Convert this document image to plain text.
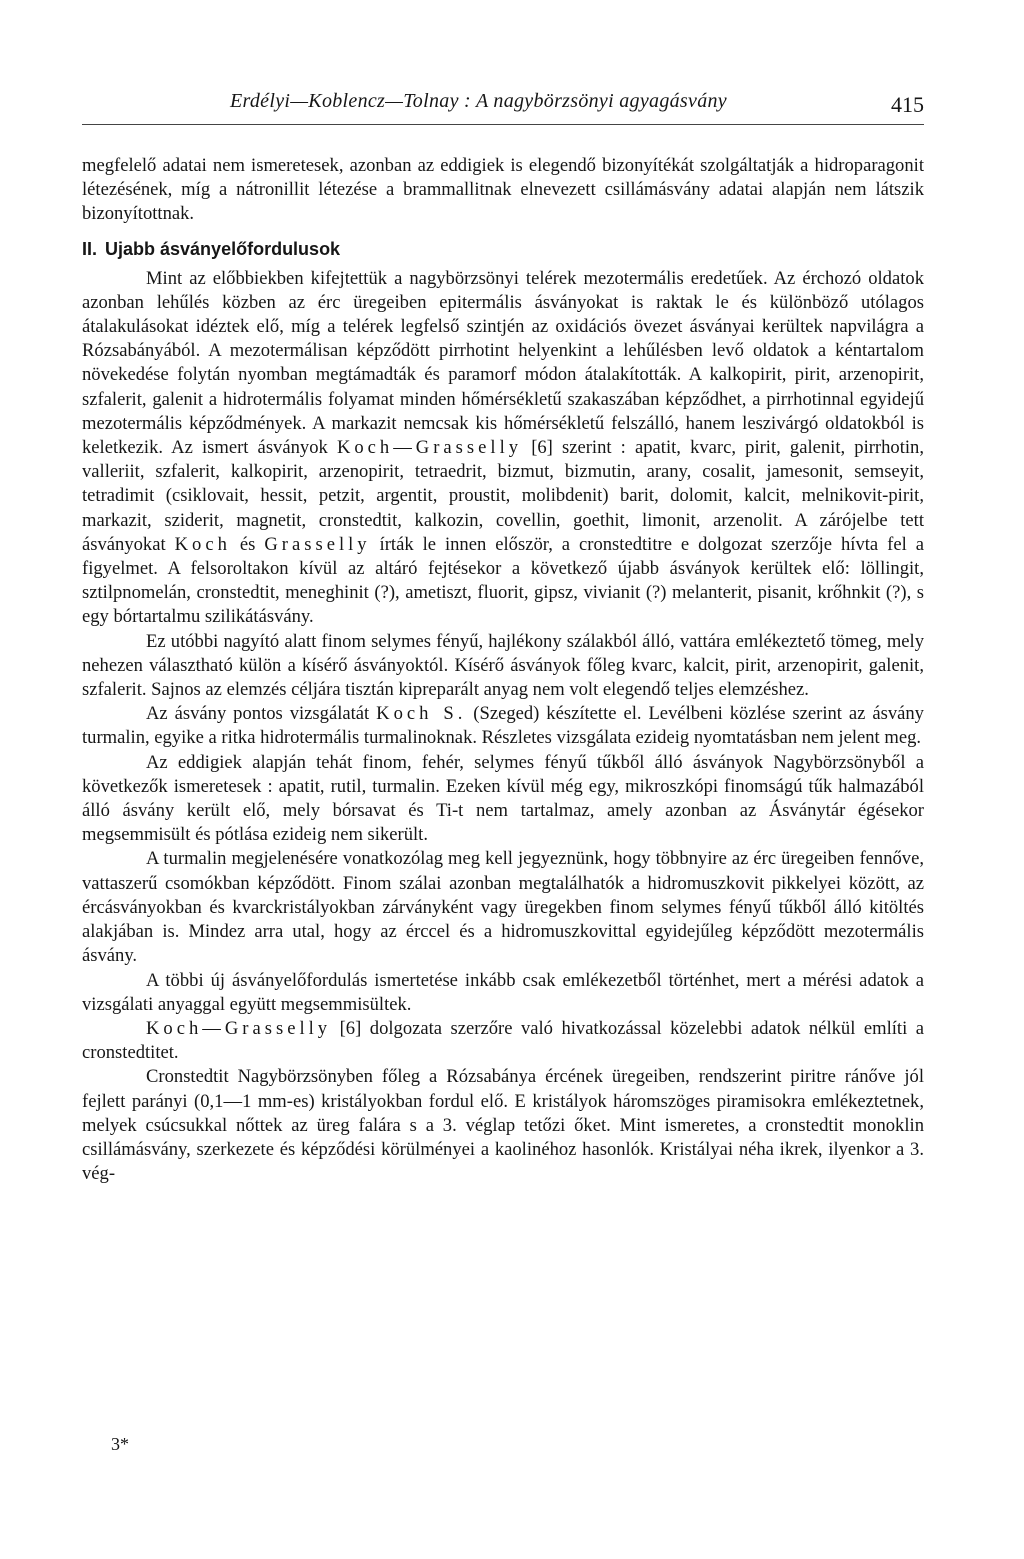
Erdélyi—Koblencz—Tolnay : A nagybörzsönyi agyagásvány	415

megfelelő adatai nem ismeretesek, azonban az eddigiek is elegendő bizonyítékát szolgáltatják a hidroparagonit létezésének, míg a nátronillit létezése a brammallitnak elnevezett csillámásvány adatai alapján nem látszik bizonyítottnak.

II. Ujabb ásványelőfordulusok

Mint az előbbiekben kifejtettük a nagybörzsönyi telérek mezotermális eredetűek. Az érchozó oldatok azonban lehűlés közben az érc üregeiben epitermális ásványokat is raktak le és különböző utólagos átalakulásokat idéztek elő, míg a telérek legfelső szintjén az oxidációs övezet ásványai kerültek napvilágra a Rózsabányából. A mezotermálisan képződött pirrhotint helyenkint a lehűlésben levő oldatok a kéntartalom növekedése folytán nyomban megtámadták és paramorf módon átalakították. A kalkopirit, pirit, arzenopirit, szfalerit, galenit a hidrotermális folyamat minden hőmérsékletű szakaszában képződhet, a pirrhotinnal egyidejű mezotermális képződmények. A markazit nemcsak kis hőmérsékletű felszálló, hanem leszivárgó oldatokból is keletkezik. Az ismert ásványok Koch—Grasselly [6] szerint : apatit, kvarc, pirit, galenit, pirrhotin, valleriit, szfalerit, kalkopirit, arzenopirit, tetraedrit, bizmut, bizmutin, arany, cosalit, jamesonit, semseyit, tetradimit (csiklovait, hessit, petzit, argentit, proustit, molibdenit) barit, dolomit, kalcit, melnikovit-pirit, markazit, sziderit, magnetit, cronstedtit, kalkozin, covellin, goethit, limonit, arzenolit. A zárójelbe tett ásványokat Koch és Grasselly írták le innen először, a cronstedtitre e dolgozat szerzője hívta fel a figyelmet. A felsoroltakon kívül az altáró fejtésekor a következő újabb ásványok kerültek elő: löllingit, sztilpnomelán, cronstedtit, meneghinit (?), ametiszt, fluorit, gipsz, vivianit (?) melanterit, pisanit, krőhnkit (?), s egy bórtartalmu szilikátásvány.

Ez utóbbi nagyító alatt finom selymes fényű, hajlékony szálakból álló, vattára emlékeztető tömeg, mely nehezen választható külön a kísérő ásványoktól. Kísérő ásványok főleg kvarc, kalcit, pirit, arzenopirit, galenit, szfalerit. Sajnos az elemzés céljára tisztán kipreparált anyag nem volt elegendő teljes elemzéshez.

Az ásvány pontos vizsgálatát Koch S. (Szeged) készítette el. Levélbeni közlése szerint az ásvány turmalin, egyike a ritka hidrotermális turmalinoknak. Részletes vizsgálata ezideig nyomtatásban nem jelent meg.

Az eddigiek alapján tehát finom, fehér, selymes fényű tűkből álló ásványok Nagybörzsönyből a következők ismeretesek : apatit, rutil, turmalin. Ezeken kívül még egy, mikroszkópi finomságú tűk halmazából álló ásvány került elő, mely bórsavat és Ti-t nem tartalmaz, amely azonban az Ásványtár égésekor megsemmisült és pótlása ezideig nem sikerült.

A turmalin megjelenésére vonatkozólag meg kell jegyeznünk, hogy többnyire az érc üregeiben fennőve, vattaszerű csomókban képződött. Finom szálai azonban megtalálhatók a hidromuszkovit pikkelyei között, az ércásványokban és kvarckristályokban zárványként vagy üregekben finom selymes fényű tűkből álló kitöltés alakjában is. Mindez arra utal, hogy az érccel és a hidromuszkovittal egyidejűleg képződött mezotermális ásvány.

A többi új ásványelőfordulás ismertetése inkább csak emlékezetből történhet, mert a mérési adatok a vizsgálati anyaggal együtt megsemmisültek.

Koch—Grasselly [6] dolgozata szerzőre való hivatkozással közelebbi adatok nélkül említi a cronstedtitet.

Cronstedtit Nagybörzsönyben főleg a Rózsabánya ércének üregeiben, rendszerint piritre ránőve jól fejlett parányi (0,1—1 mm-es) kristályokban fordul elő. E kristályok háromszöges piramisokra emlékeztetnek, melyek csúcsukkal nőttek az üreg falára s a 3. véglap tetőzi őket. Mint ismeretes, a cronstedtit monoklin csillámásvány, szerkezete és képződési körülményei a kaolinéhoz hasonlók. Kristályai néha ikrek, ilyenkor a 3. vég-

3*
